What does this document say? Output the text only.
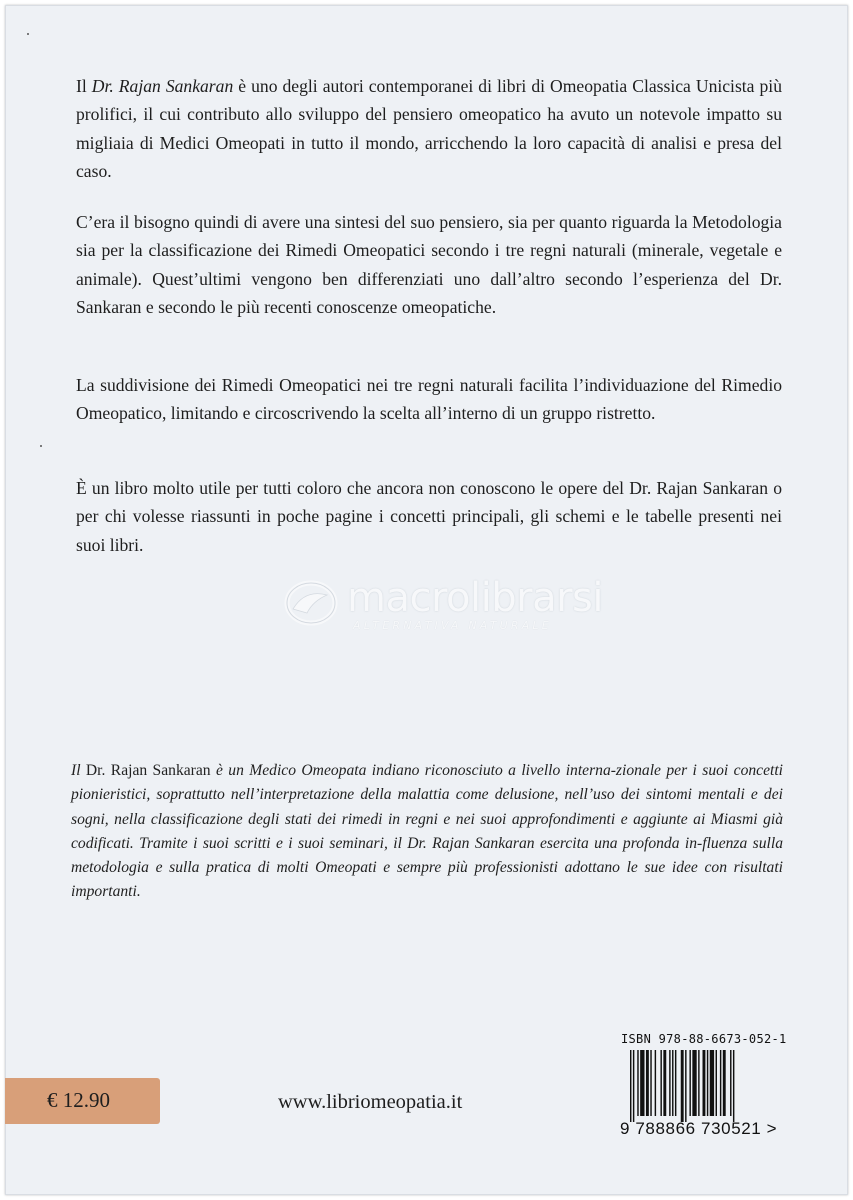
Il Dr. Rajan Sankaran è uno degli autori contemporanei di libri di Omeopatia Classica Unicista più prolifici, il cui contributo allo sviluppo del pensiero omeopatico ha avuto un notevole impatto su migliaia di Medici Omeopati in tutto il mondo, arricchendo la loro capacità di analisi e presa del caso.

C’era il bisogno quindi di avere una sintesi del suo pensiero, sia per quanto riguarda la Metodologia sia per la classificazione dei Rimedi Omeopatici secondo i tre regni naturali (minerale, vegetale e animale). Quest’ultimi vengono ben differenziati uno dall’altro secondo l’esperienza del Dr. Sankaran e secondo le più recenti conoscenze omeopatiche.

La suddivisione dei Rimedi Omeopatici nei tre regni naturali facilita l’individuazione del Rimedio Omeopatico, limitando e circoscrivendo la scelta all’interno di un gruppo ristretto.

È un libro molto utile per tutti coloro che ancora non conoscono le opere del Dr. Rajan Sankaran o per chi volesse riassunti in poche pagine i concetti principali, gli schemi e le tabelle presenti nei suoi libri.

macrolibrarsi
ALTERNATIVA NATURALE

Il Dr. Rajan Sankaran è un Medico Omeopata indiano riconosciuto a livello interna-zionale per i suoi concetti pionieristici, soprattutto nell’interpretazione della malattia come delusione, nell’uso dei sintomi mentali e dei sogni, nella classificazione degli stati dei rimedi in regni e nei suoi approfondimenti e aggiunte ai Miasmi già codificati. Tramite i suoi scritti e i suoi seminari, il Dr. Rajan Sankaran esercita una profonda in-fluenza sulla metodologia e sulla pratica di molti Omeopati e sempre più professionisti adottano le sue idee con risultati importanti.

€ 12.90	www.libriomeopatia.it
ISBN 978-88-6673-052-1
9 788866 730521 >
